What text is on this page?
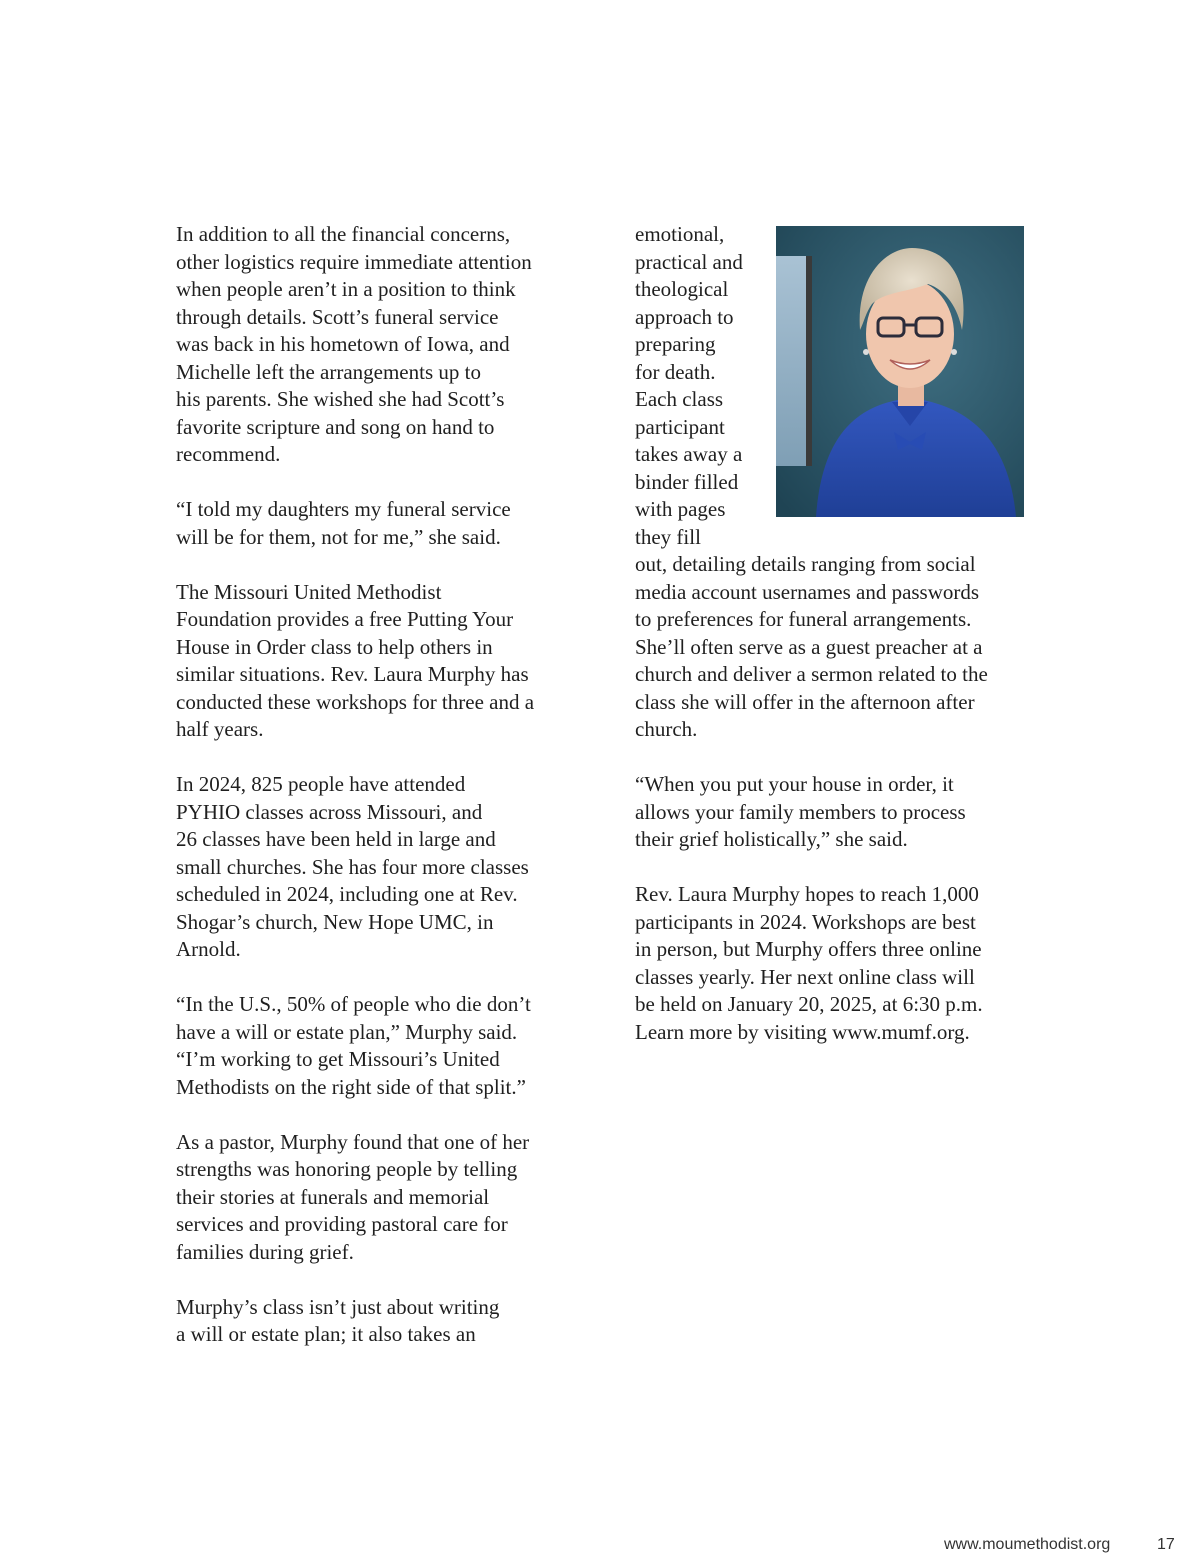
In addition to all the financial concerns,
other logistics require immediate attention
when people aren’t in a position to think
through details. Scott’s funeral service
was back in his hometown of Iowa, and
Michelle left the arrangements up to
his parents. She wished she had Scott’s
favorite scripture and song on hand to
recommend.
“I told my daughters my funeral service
will be for them, not for me,” she said.
The Missouri United Methodist
Foundation provides a free Putting Your
House in Order class to help others in
similar situations. Rev. Laura Murphy has
conducted these workshops for three and a
half years.
In 2024, 825 people have attended
PYHIO classes across Missouri, and
26 classes have been held in large and
small churches. She has four more classes
scheduled in 2024, including one at Rev.
Shogar’s church, New Hope UMC, in
Arnold.
“In the U.S., 50% of people who die don’t
have a will or estate plan,” Murphy said.
“I’m working to get Missouri’s United
Methodists on the right side of that split.”
As a pastor, Murphy found that one of her
strengths was honoring people by telling
their stories at funerals and memorial
services and providing pastoral care for
families during grief.
Murphy’s class isn’t just about writing
a will or estate plan; it also takes an
emotional,
practical and
theological
approach to
preparing
for death.
Each class
participant
takes away a
binder filled
with pages
they fill
out, detailing details ranging from social
media account usernames and passwords
to preferences for funeral arrangements.
She’ll often serve as a guest preacher at a
church and deliver a sermon related to the
class she will offer in the afternoon after
church.
“When you put your house in order, it
allows your family members to process
their grief holistically,” she said.
Rev. Laura Murphy hopes to reach 1,000
participants in 2024. Workshops are best
in person, but Murphy offers three online
classes yearly. Her next online class will
be held on January 20, 2025, at 6:30 p.m.
Learn more by visiting www.mumf.org.
www.moumethodist.org	17
